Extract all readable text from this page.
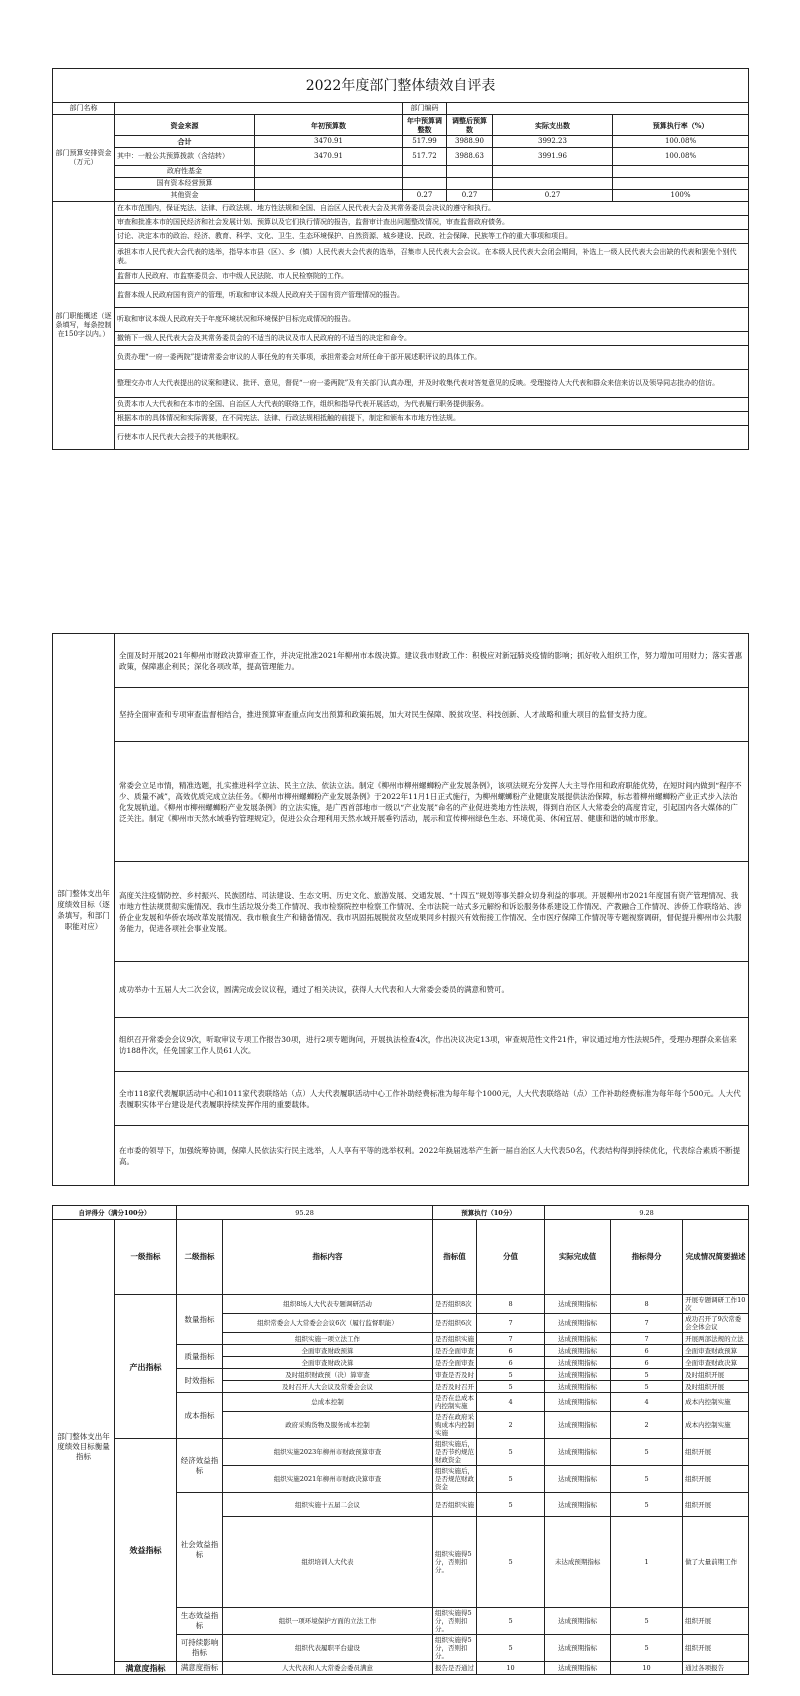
2022年度部门整体绩效自评表						
部门名称			部门编码			
部门预算安排资金（万元）	资金来源	年初预算数	年中预算调整数	调整后预算数	实际支出数	预算执行率（%）
	合计	3470.91	517.99	3988.90	3992.23	100.08%
	其中：一般公共预算拨款（含结转）	3470.91	517.72	3988.63	3991.96	100.08%
	政府性基金					
	国有资本经营预算					
	其他资金		0.27	0.27	0.27	100%
部门职能概述（逐条填写，每条控制在150字以内。）	在本市范围内，保证宪法、法律、行政法规、地方性法规和全国、自治区人民代表大会及其常务委员会决议的遵守和执行。					
	审查和批准本市的国民经济和社会发展计划、预算以及它们执行情况的报告，监督审计查出问题整改情况，审查监督政府债务。					
	讨论、决定本市的政治、经济、教育、科学、文化、卫生、生态环境保护、自然资源、城乡建设、民政、社会保障、民族等工作的重大事项和项目。					
	承担本市人民代表大会代表的选举，指导本市县（区）、乡（镇）人民代表大会代表的选举，召集市人民代表大会会议。在本级人民代表大会闭会期间，补选上一级人民代表大会出缺的代表和罢免个别代表。					
	监督市人民政府、市监察委员会、市中级人民法院、市人民检察院的工作。					
	监督本级人民政府国有资产的管理，听取和审议本级人民政府关于国有资产管理情况的报告。					
	听取和审议本级人民政府关于年度环境状况和环境保护目标完成情况的报告。					
	撤销下一级人民代表大会及其常务委员会的不适当的决议及市人民政府的不适当的决定和命令。					
	负责办理“一府一委两院”提请常委会审议的人事任免的有关事项，承担常委会对所任命干部开展述职评议的具体工作。					
	整理交办市人大代表提出的议案和建议、批评、意见，督促“一府一委两院”及有关部门认真办理，并及时收集代表对答复意见的反映。受理接待人大代表和群众来信来访以及领导同志批办的信访。					
	负责本市人大代表和在本市的全国、自治区人大代表的联络工作，组织和指导代表开展活动，为代表履行职务提供服务。					
	根据本市的具体情况和实际需要，在不同宪法、法律、行政法规相抵触的前提下，制定和颁布本市地方性法规。					
	行使本市人民代表大会授予的其他职权。					
部门整体支出年度绩效目标（逐条填写，和部门职能对应）	全面及时开展2021年柳州市财政决算审查工作，并决定批准2021年柳州市本级决算。建议我市财政工作：积极应对新冠肺炎疫情的影响；抓好收入组织工作，努力增加可用财力；落实普惠政策，保障惠企利民；深化各项改革，提高管理能力。
坚持全面审查和专项审查监督相结合，推进预算审查重点向支出预算和政策拓展，加大对民生保障、脱贫攻坚、科技创新、人才战略和重大项目的监督支持力度。
常委会立足市情，精准选题，扎实推进科学立法、民主立法、依法立法。制定《柳州市柳州螺蛳粉产业发展条例》，该项法规充分发挥人大主导作用和政府职能优势，在短时间内做到“程序不少、质量不减”，高效优质完成立法任务。《柳州市柳州螺蛳粉产业发展条例》于2022年11月1日正式施行，为柳州螺蛳粉产业健康发展提供法治保障，标志着柳州螺蛳粉产业正式步入法治化发展轨道。《柳州市柳州螺蛳粉产业发展条例》的立法实施，是广西首部地市一级以“产业发展”命名的产业促进类地方性法规，得到自治区人大常委会的高度肯定，引起国内各大媒体的广泛关注。制定《柳州市天然水域垂钓管理规定》，促进公众合理利用天然水域开展垂钓活动，展示和宣传柳州绿色生态、环境优美、休闲宜居、健康和谐的城市形象。
高度关注疫情防控、乡村振兴、民族团结、司法建设、生态文明、历史文化、旅游发展、交通发展、“十四五”规划等事关群众切身利益的事项。开展柳州市2021年度国有资产管理情况、我市地方性法规贯彻实施情况、我市生活垃圾分类工作情况、我市检察院控申检察工作情况、全市法院一站式多元解纷和诉讼服务体系建设工作情况、产教融合工作情况、涉侨工作联络站、涉侨企业发展和华侨农场改革发展情况、我市粮食生产和储备情况、我市巩固拓展脱贫攻坚成果同乡村振兴有效衔接工作情况、全市医疗保障工作情况等专题视察调研，督促提升柳州市公共服务能力，促进各项社会事业发展。
成功举办十五届人大二次会议，圆满完成会议议程，通过了相关决议，获得人大代表和人大常委会委员的满意和赞可。
组织召开常委会会议9次，听取审议专项工作报告30项，进行2项专题询问，开展执法检查4次，作出决议决定13项，审查规范性文件21件，审议通过地方性法规5件，受理办理群众来信来访188件次，任免国家工作人员61人次。
全市118家代表履职活动中心和1011家代表联络站（点）人大代表履职活动中心工作补助经费标准为每年每个1000元，人大代表联络站（点）工作补助经费标准为每年每个500元。人大代表履职实体平台建设是代表履职持续发挥作用的重要载体。
在市委的领导下，加强统筹协调，保障人民依法实行民主选举，人人享有平等的选举权利。2022年换届选举产生新一届自治区人大代表50名，代表结构得到持续优化，代表综合素质不断提高。
自评得分（满分100分）		95.28		预算执行（10分）		9.28			
部门整体支出年度绩效目标衡量指标	一级指标	二级指标	指标内容	指标值	分值	实际完成值	指标得分	完成情况简要描述	
	产出指标	数量指标	组织8场人大代表专题调研活动	是否组织8次	8	达成预期指标	8	开展专题调研工作10次	
			组织常委会人大常委会会议6次（履行监督职能）	是否组织6次	7	达成预期指标	7	成功召开了9次常委会全体会议	
			组织实施一项立法工作	是否组织实施	7	达成预期指标	7	开展两部法规的立法	
		质量指标	全面审查财政预算	是否全面审查	6	达成预期指标	6	全面审查财政预算	
			全面审查财政决算	是否全面审查	6	达成预期指标	6	全面审查财政决算	
		时效指标	及时组织财政预（决）算审查	审查是否及时	5	达成预期指标	5	及时组织开展	
			及时召开人大会议及常委会会议	是否及时召开	5	达成预期指标	5	及时组织开展	
		成本指标	总成本控制	是否在总成本内控制实施	4	达成预期指标	4	成本内控制实施	
			政府采购货物及服务成本控制	是否在政府采购成本内控制实施	2	达成预期指标	2	成本内控制实施	
	效益指标	经济效益指标	组织实施2023年柳州市财政预算审查	组织实施后，是否节约规范财政资金	5	达成预期指标	5	组织开展	
			组织实施2021年柳州市财政决算审查	组织实施后，是否规范财政资金	5	达成预期指标	5	组织开展	
		社会效益指标	组织实施十五届二会议	是否组织实施	5	达成预期指标	5	组织开展	
			组织培训人大代表	组织实施得5分，否则扣分。	5	未达成预期指标	1	做了大量前期工作	
		生态效益指标	组织一项环境保护方面的立法工作	组织实施得5分，否则扣分。	5	达成预期指标	5	组织开展	
		可持续影响指标	组织代表履职平台建设	组织实施得5分，否则扣分。	5	达成预期指标	5	组织开展	
	满意度指标	满意度指标	人大代表和人大常委会委员满意	报告是否通过	10	达成预期指标	10	通过各项报告	
